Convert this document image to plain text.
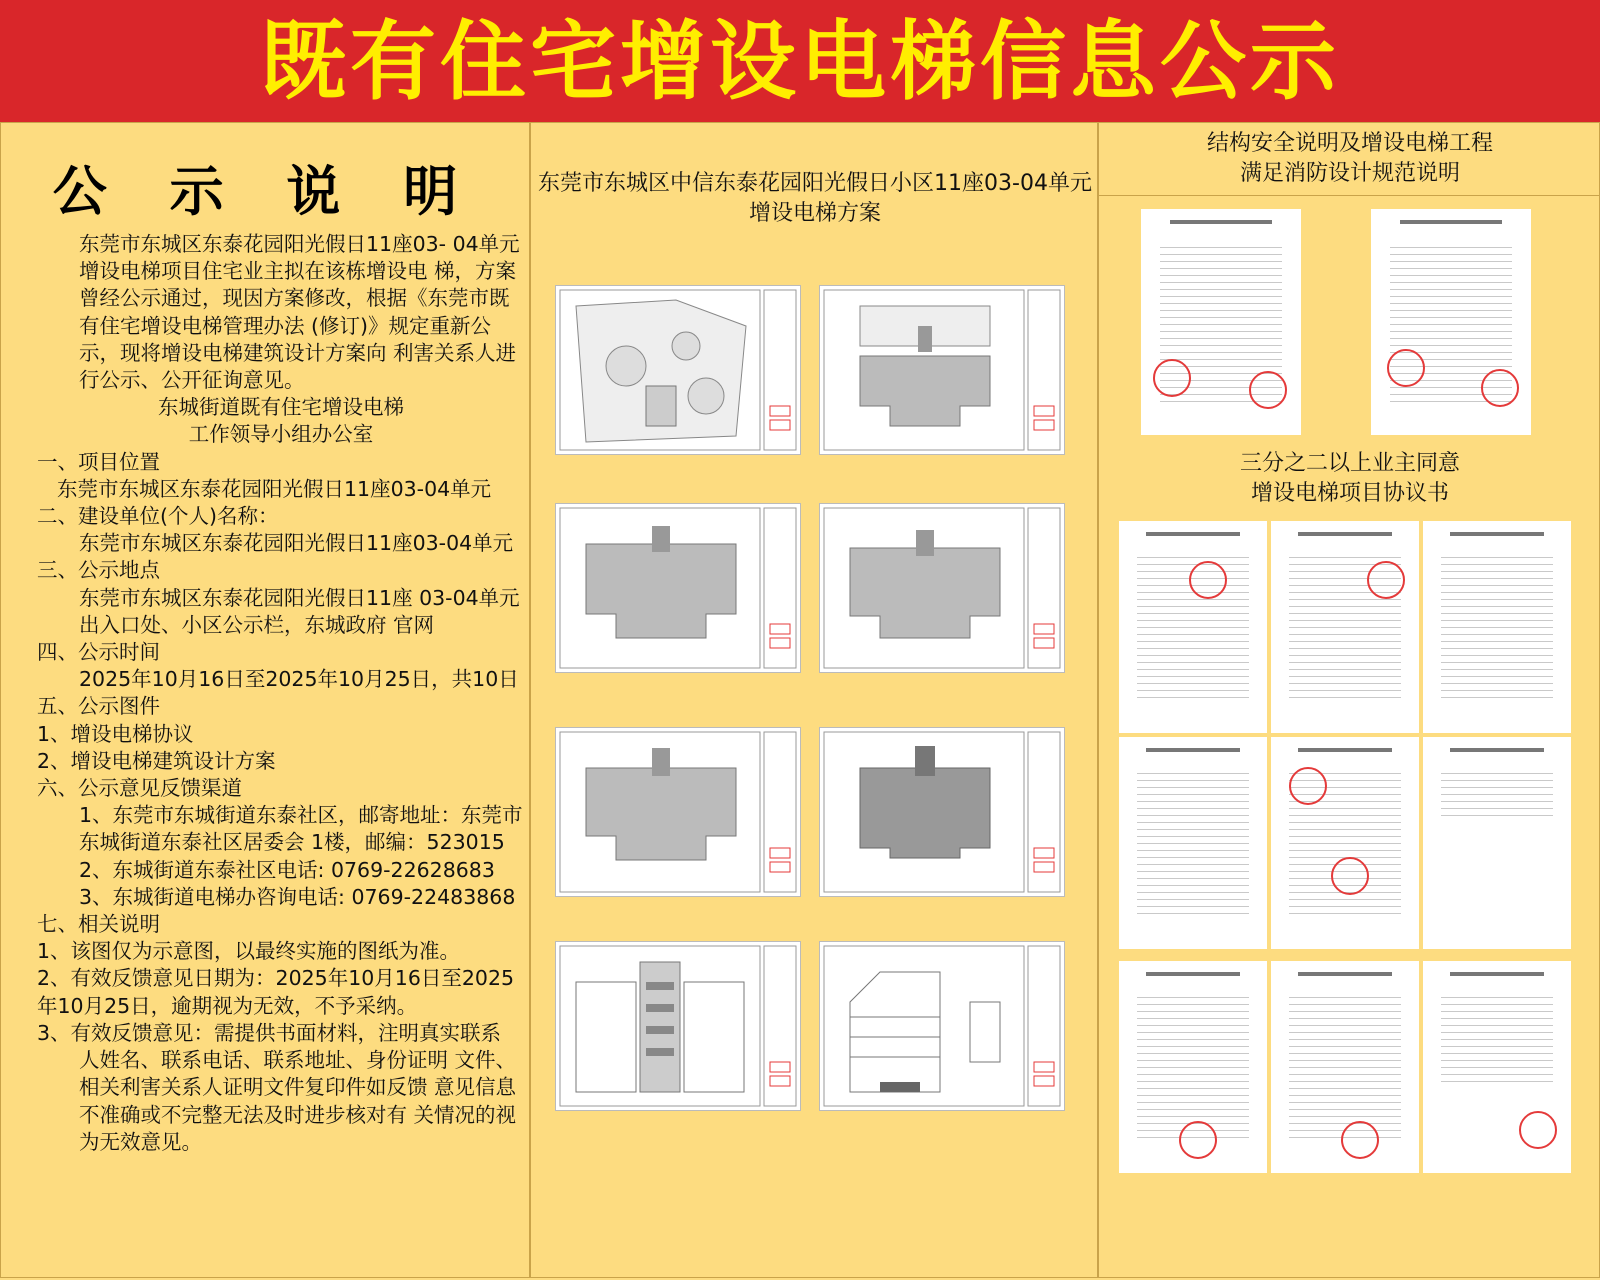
既有住宅增设电梯信息公示
公 示 说 明

东莞市东城区东泰花园阳光假日11座03- 04单元增设电梯项目住宅业主拟在该栋增设电 梯，方案曾经公示通过，现因方案修改，根据《东莞市既有住宅增设电梯管理办法 (修订)》规定重新公示，现将增设电梯建筑设计方案向 利害关系人进行公示、公开征询意见。

东城街道既有住宅增设电梯

工作领导小组办公室

一、项目位置

东莞市东城区东泰花园阳光假日11座03-04单元

二、建设单位(个人)名称：

东莞市东城区东泰花园阳光假日11座03-04单元

三、公示地点

东莞市东城区东泰花园阳光假日11座 03-04单元出入口处、小区公示栏，东城政府 官网

四、公示时间

2025年10月16日至2025年10月25日，共10日

五、公示图件

1、增设电梯协议

2、增设电梯建筑设计方案

六、公示意见反馈渠道

1、东莞市东城街道东泰社区，邮寄地址：东莞市东城街道东泰社区居委会 1楼，邮编：523015

2、东城街道东泰社区电话: 0769-22628683

3、东城街道电梯办咨询电话: 0769-22483868

七、相关说明

1、该图仅为示意图，以最终实施的图纸为准。

2、有效反馈意见日期为：2025年10月16日至2025年10月25日，逾期视为无效，不予采纳。

3、有效反馈意见：需提供书面材料，注明真实联系

人姓名、联系电话、联系地址、身份证明 文件、相关利害关系人证明文件复印件如反馈 意见信息不准确或不完整无法及时进步核对有 关情况的视为无效意见。

东莞市东城区中信东泰花园阳光假日小区11座03-04单元
增设电梯方案
结构安全说明及增设电梯工程
满足消防设计规范说明
三分之二以上业主同意
增设电梯项目协议书
